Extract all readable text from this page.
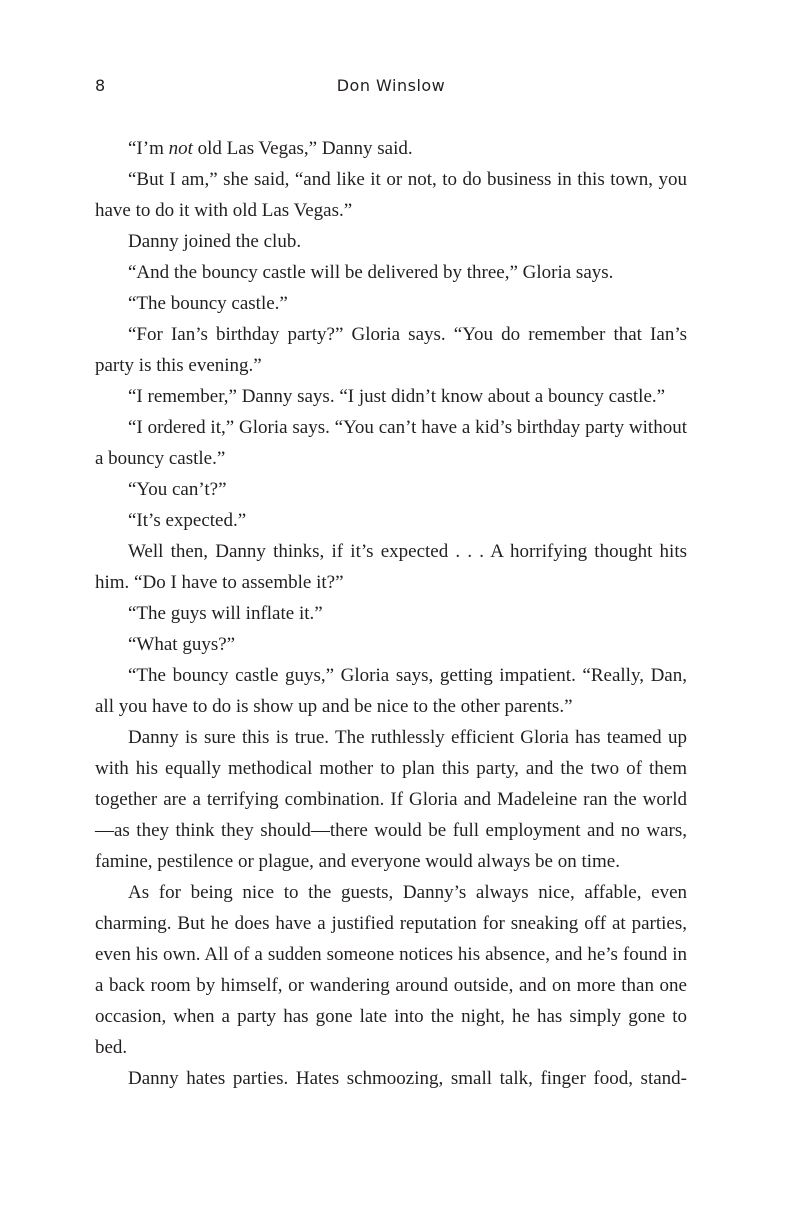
8	Don Winslow

“I’m not old Las Vegas,” Danny said.

“But I am,” she said, “and like it or not, to do business in this town, you have to do it with old Las Vegas.”

Danny joined the club.

“And the bouncy castle will be delivered by three,” Gloria says.

“The bouncy castle.”

“For Ian’s birthday party?” Gloria says. “You do remember that Ian’s party is this evening.”

“I remember,” Danny says. “I just didn’t know about a bouncy castle.”

“I ordered it,” Gloria says. “You can’t have a kid’s birthday party without a bouncy castle.”

“You can’t?”

“It’s expected.”

Well then, Danny thinks, if it’s expected . . . A horrifying thought hits him. “Do I have to assemble it?”

“The guys will inflate it.”

“What guys?”

“The bouncy castle guys,” Gloria says, getting impatient. “Really, Dan, all you have to do is show up and be nice to the other parents.”

Danny is sure this is true. The ruthlessly efficient Gloria has teamed up with his equally methodical mother to plan this party, and the two of them together are a terrifying combination. If Gloria and Madeleine ran the world—as they think they should—there would be full employment and no wars, famine, pestilence or plague, and everyone would always be on time.

As for being nice to the guests, Danny’s always nice, affable, even charming. But he does have a justified reputation for sneaking off at parties, even his own. All of a sudden someone notices his absence, and he’s found in a back room by himself, or wandering around outside, and on more than one occasion, when a party has gone late into the night, he has simply gone to bed.

Danny hates parties. Hates schmoozing, small talk, finger food, stand-
